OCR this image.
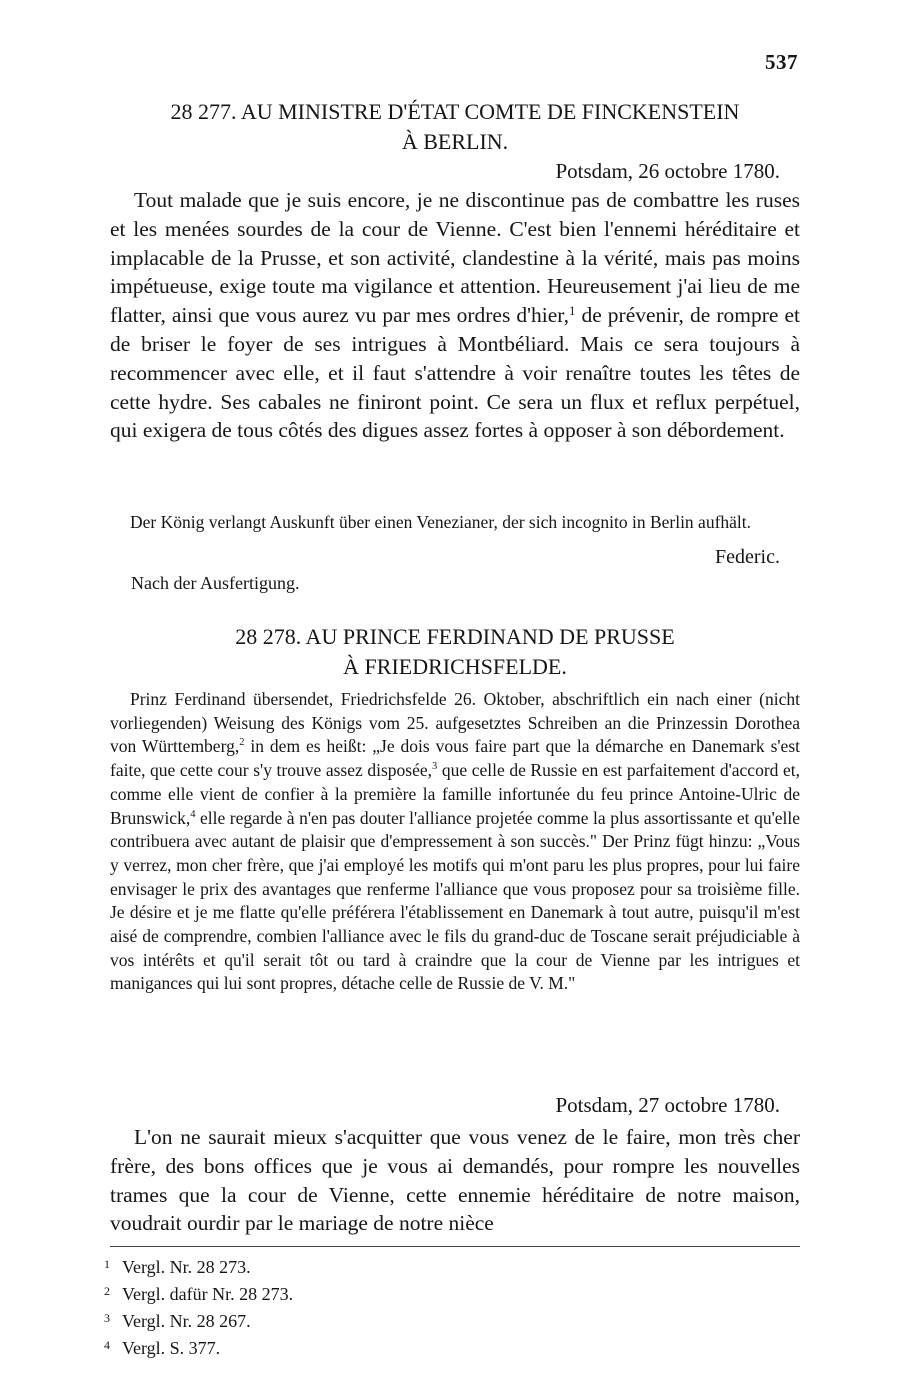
537
28 277. AU MINISTRE D'ÉTAT COMTE DE FINCKENSTEIN
À BERLIN.
Potsdam, 26 octobre 1780.

Tout malade que je suis encore, je ne discontinue pas de combattre les ruses et les menées sourdes de la cour de Vienne. C'est bien l'ennemi héréditaire et implacable de la Prusse, et son activité, clandestine à la vérité, mais pas moins impétueuse, exige toute ma vigilance et attention. Heureusement j'ai lieu de me flatter, ainsi que vous aurez vu par mes ordres d'hier,$^1$ de prévenir, de rompre et de briser le foyer de ses intrigues à Montbéliard. Mais ce sera toujours à recommencer avec elle, et il faut s'attendre à voir renaître toutes les têtes de cette hydre. Ses cabales ne finiront point. Ce sera un flux et reflux perpétuel, qui exigera de tous côtés des digues assez fortes à opposer à son débordement.

Der König verlangt Auskunft über einen Venezianer, der sich incognito in Berlin aufhält.

Federic.
Nach der Ausfertigung.
28 278. AU PRINCE FERDINAND DE PRUSSE
À FRIEDRICHSFELDE.

Prinz Ferdinand übersendet, Friedrichsfelde 26. Oktober, abschriftlich ein nach einer (nicht vorliegenden) Weisung des Königs vom 25. aufgesetztes Schreiben an die Prinzessin Dorothea von Württemberg,$^2$ in dem es heißt: „Je dois vous faire part que la démarche en Danemark s'est faite, que cette cour s'y trouve assez disposée,$^3$ que celle de Russie en est parfaitement d'accord et, comme elle vient de confier à la première la famille infortunée du feu prince Antoine-Ulric de Brunswick,$^4$ elle regarde à n'en pas douter l'alliance projetée comme la plus assortissante et qu'elle contribuera avec autant de plaisir que d'empressement à son succès." Der Prinz fügt hinzu: „Vous y verrez, mon cher frère, que j'ai employé les motifs qui m'ont paru les plus propres, pour lui faire envisager le prix des avantages que renferme l'alliance que vous proposez pour sa troisième fille. Je désire et je me flatte qu'elle préférera l'établissement en Danemark à tout autre, puisqu'il m'est aisé de comprendre, combien l'alliance avec le fils du grand-duc de Toscane serait préjudiciable à vos intérêts et qu'il serait tôt ou tard à craindre que la cour de Vienne par les intrigues et manigances qui lui sont propres, détache celle de Russie de V. M."

Potsdam, 27 octobre 1780.

L'on ne saurait mieux s'acquitter que vous venez de le faire, mon très cher frère, des bons offices que je vous ai demandés, pour rompre les nouvelles trames que la cour de Vienne, cette ennemie héréditaire de notre maison, voudrait ourdir par le mariage de notre nièce

1 Vergl. Nr. 28 273.
2 Vergl. dafür Nr. 28 273.
3 Vergl. Nr. 28 267.
4 Vergl. S. 377.
